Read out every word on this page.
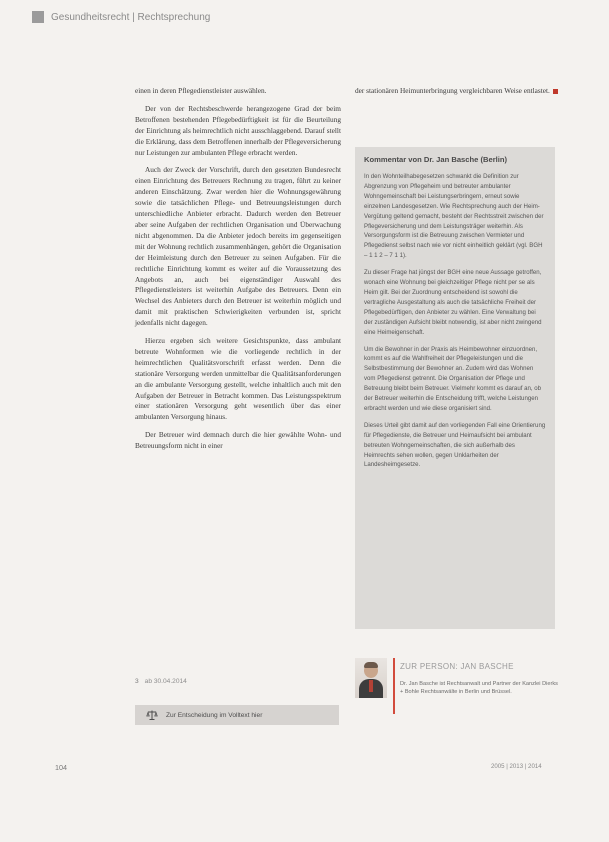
Gesundheitsrecht | Rechtsprechung

einen in deren Pflegedienstleister auswählen.

Der von der Rechtsbeschwerde herangezogene Grad der beim Betroffenen bestehenden Pflegebedürftigkeit ist für die Beurteilung der Einrichtung als heimrechtlich nicht ausschlaggebend. Darauf stellt die Erklärung, dass dem Betroffenen innerhalb der Pflegeversicherung nur Leistungen zur ambulanten Pflege erbracht werden.

Auch der Zweck der Vorschrift, durch den gesetzten Bundesrecht einen Einrichtung des Betreuers Rechnung zu tragen, führt zu keiner anderen Einschätzung. Zwar werden hier die Wohnungsgewährung sowie die tatsächlichen Pflege- und Betreuungsleistungen durch unterschiedliche Anbieter erbracht. Dadurch werden den Betreuer aber seine Aufgaben der rechtlichen Organisation und Überwachung nicht abgenommen. Da die Anbieter jedoch bereits im gegenseitigen mit der Wohnung rechtlich zusammenhängen, gehört die Organisation der Heimleistung durch den Betreuer zu seinen Aufgaben. Für die rechtliche Einrichtung kommt es weiter auf die Voraussetzung des Angebots an, auch bei eigenständiger Auswahl des Pflegedienstleisters ist weiterhin Aufgabe des Betreuers. Denn ein Wechsel des Anbieters durch den Betreuer ist weiterhin möglich und damit mit praktischen Schwierigkeiten verbunden ist, spricht jedenfalls nicht dagegen.

Hierzu ergeben sich weitere Gesichtspunkte, dass ambulant betreute Wohnformen wie die vorliegende rechtlich in der heimrechtlichen Qualitätsvorschrift erfasst werden. Denn die stationäre Versorgung werden unmittelbar die Qualitätsanforderungen an die ambulante Versorgung gestellt, welche inhaltlich auch mit den Aufgaben der Betreuer in Betracht kommen. Das Leistungsspektrum einer stationären Versorgung geht wesentlich über das einer ambulanten Versorgung hinaus.

Der Betreuer wird demnach durch die hier gewählte Wohn- und Betreuungsform nicht in einer

der stationären Heimunterbringung vergleichbaren Weise entlastet.

Kommentar von Dr. Jan Basche (Berlin)

In den Wohnteilhabegesetzen schwankt die Definition zur Abgrenzung von Pflegeheim und betreuter ambulanter Wohngemeinschaft bei Leistungserbringern, erneut sowie einzelnen Landesgesetzen. Wie Rechtsprechung auch der Heim-Vergütung geltend gemacht, besteht der Rechtsstreit zwischen der Pflegeversicherung und dem Leistungsträger weiterhin. Als Versorgungsform ist die Betreuung zwischen Vermieter und Pflegedienst selbst nach wie vor nicht einheitlich geklärt (vgl. BGH – 1 1 2 – 7 1 1).

Zu dieser Frage hat jüngst der BGH eine neue Aussage getroffen, wonach eine Wohnung bei gleichzeitiger Pflege nicht per se als Heim gilt. Bei der Zuordnung entscheidend ist sowohl die vertragliche Ausgestaltung als auch die tatsächliche Freiheit der Pflegebedürftigen, den Anbieter zu wählen. Eine Verwaltung bei der zuständigen Aufsicht bleibt notwendig, ist aber nicht zwingend eine Heimeigenschaft.

Um die Bewohner in der Praxis als Heimbewohner einzuordnen, kommt es auf die Wahlfreiheit der Pflegeleistungen und die Selbstbestimmung der Bewohner an. Zudem wird das Wohnen vom Pflegedienst getrennt. Die Organisation der Pflege und Betreuung bleibt beim Betreuer. Vielmehr kommt es darauf an, ob der Betreuer weiterhin die Entscheidung trifft, welche Leistungen erbracht werden und wie diese organisiert sind.

Dieses Urteil gibt damit auf den vorliegenden Fall eine Orientierung für Pflegedienste, die Betreuer und Heimaufsicht bei ambulant betreuten Wohngemeinschaften, die sich außerhalb des Heimrechts sehen wollen, gegen Unklarheiten der Landesheimgesetze.

ZUR PERSON: JAN BASCHE

Dr. Jan Basche ist Rechtsanwalt und Partner der Kanzlei Dierks + Bohle Rechtsanwälte in Berlin und Brüssel.

3 ab 30.04.2014
Zur Entscheidung im Volltext hier
104	2005 | 2013 | 2014
